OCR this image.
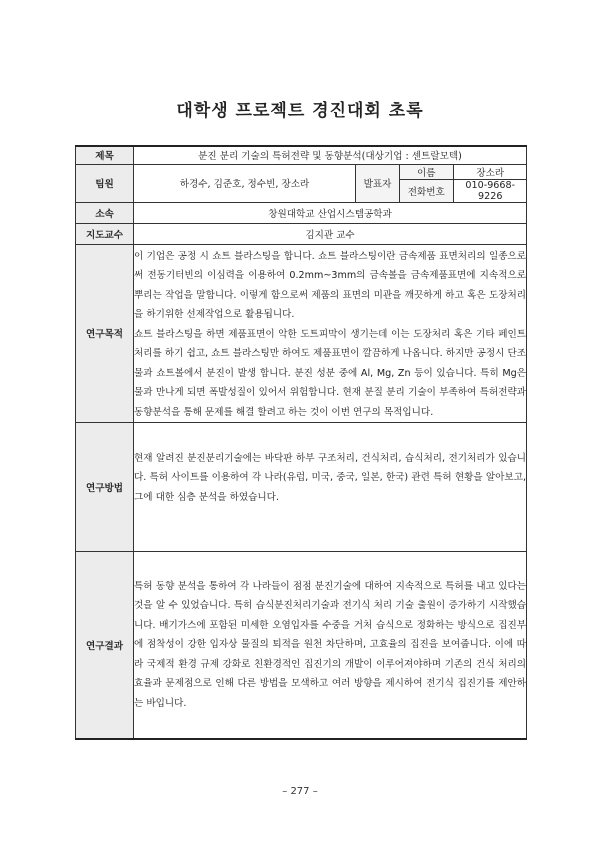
대학생 프로젝트 경진대회 초록
제목	분진 분리 기술의 특허전략 및 동향분석(대상기업 : 센트랄모텍)
팀원	하경수, 김준호, 정수빈, 장소라	발표자	
이름	장소라
전화번호	010-9668-9226

소속	창원대학교 산업시스템공학과
지도교수	김지관 교수
연구목적	

이 기업은 공정 시 쇼트 블라스팅을 합니다. 쇼트 블라스팅이란 금속제품 표면처리의 일종으로써 전동기터빈의 이심력을 이용하여 0.2mm~3mm의 금속볼을 금속제품표면에 지속적으로 뿌리는 작업을 말합니다. 이렇게 함으로써 제품의 표면의 미관을 깨끗하게 하고 혹은 도장처리을 하기위한 선제작업으로 활용됩니다.

쇼트 블라스팅을 하면 제품표면이 악한 도트피막이 생기는데 이는 도장처리 혹은 기타 페인트 처리를 하기 쉽고, 쇼트 블라스팅만 하여도 제품표면이 깔끔하게 나옵니다. 하지만 공정시 단조물과 쇼트볼에서 분진이 발생 합니다. 분진 성분 중에 Al, Mg, Zn 등이 있습니다. 특히 Mg은 물과 만나게 되면 폭발성질이 있어서 위험합니다. 현재 분질 분리 기술이 부족하여 특허전략과 동향분석을 통해 문제를 해결 할려고 하는 것이 이번 연구의 목적입니다.

연구방법	

현재 알려진 분진분리기술에는 바닥판 하부 구조처리, 건식처리, 습식처리, 전기처리가 있습니다. 특허 사이트를 이용하여 각 나라(유럽, 미국, 중국, 일본, 한국) 관련 특허 현황을 알아보고, 그에 대한 심층 분석을 하였습니다.

연구결과	

특허 동향 분석을 통하여 각 나라들이 점점 분진기술에 대하여 지속적으로 특허를 내고 있다는 것을 알 수 있었습니다. 특히 습식분진처리기술과 전기식 처리 기술 출원이 증가하기 시작했습니다. 배기가스에 포함된 미세한 오염입자를 수중을 거처 습식으로 정화하는 방식으로 집진부에 점착성이 강한 입자상 물질의 퇴적을 원천 차단하며, 고효율의 집진을 보여줍니다. 이에 따라 국제적 환경 규제 강화로 친환경적인 집진기의 개발이 이루어져야하며 기존의 건식 처리의 효율과 문제점으로 인해 다른 방법을 모색하고 여러 방향을 제시하여 전기식 집진기를 제안하는 바입니다.

– 277 –
